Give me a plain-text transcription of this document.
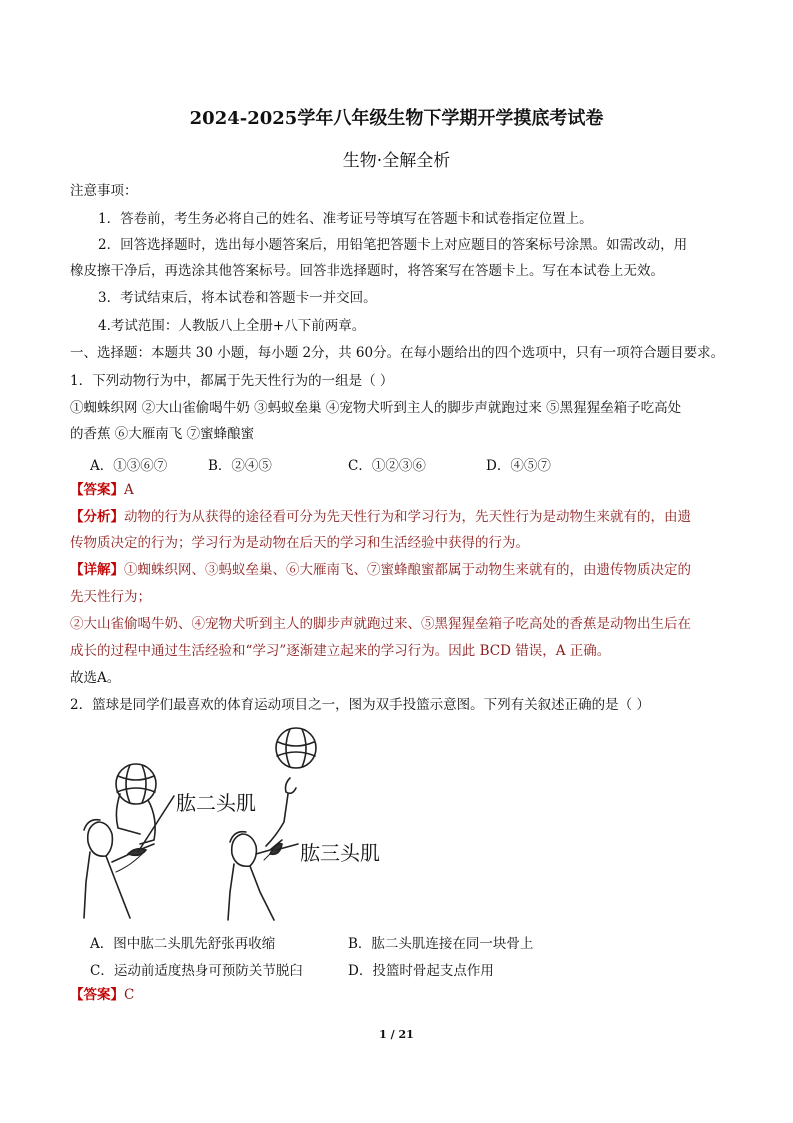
2024-2025学年八年级生物下学期开学摸底考试卷
生物·全解全析
注意事项：
1．答卷前，考生务必将自己的姓名、准考证号等填写在答题卡和试卷指定位置上。
2．回答选择题时，选出每小题答案后，用铅笔把答题卡上对应题目的答案标号涂黑。如需改动，用
橡皮擦干净后，再选涂其他答案标号。回答非选择题时，将答案写在答题卡上。写在本试卷上无效。
3．考试结束后，将本试卷和答题卡一并交回。
4.考试范围：人教版八上全册+八下前两章。
一、选择题：本题共 30 小题，每小题 2分，共 60分。在每小题给出的四个选项中，只有一项符合题目要求。
1．下列动物行为中，都属于先天性行为的一组是（ ）
①蜘蛛织网 ②大山雀偷喝牛奶 ③蚂蚁垒巢 ④宠物犬听到主人的脚步声就跑过来 ⑤黑猩猩垒箱子吃高处
的香蕉 ⑥大雁南飞 ⑦蜜蜂酿蜜
A．①③⑥⑦	B．②④⑤	C．①②③⑥	D．④⑤⑦
【答案】A
【分析】动物的行为从获得的途径看可分为先天性行为和学习行为，先天性行为是动物生来就有的，由遗
传物质决定的行为；学习行为是动物在后天的学习和生活经验中获得的行为。
【详解】①蜘蛛织网、③蚂蚁垒巢、⑥大雁南飞、⑦蜜蜂酿蜜都属于动物生来就有的，由遗传物质决定的
先天性行为；
②大山雀偷喝牛奶、④宠物犬听到主人的脚步声就跑过来、⑤黑猩猩垒箱子吃高处的香蕉是动物出生后在
成长的过程中通过生活经验和“学习”逐渐建立起来的学习行为。因此 BCD 错误，A 正确。
故选A。
2．篮球是同学们最喜欢的体育运动项目之一，图为双手投篮示意图。下列有关叙述正确的是（ ）
肱二头肌
肱三头肌
A．图中肱二头肌先舒张再收缩	B．肱二头肌连接在同一块骨上
C．运动前适度热身可预防关节脱臼	D．投篮时骨起支点作用
【答案】C
1 / 21
